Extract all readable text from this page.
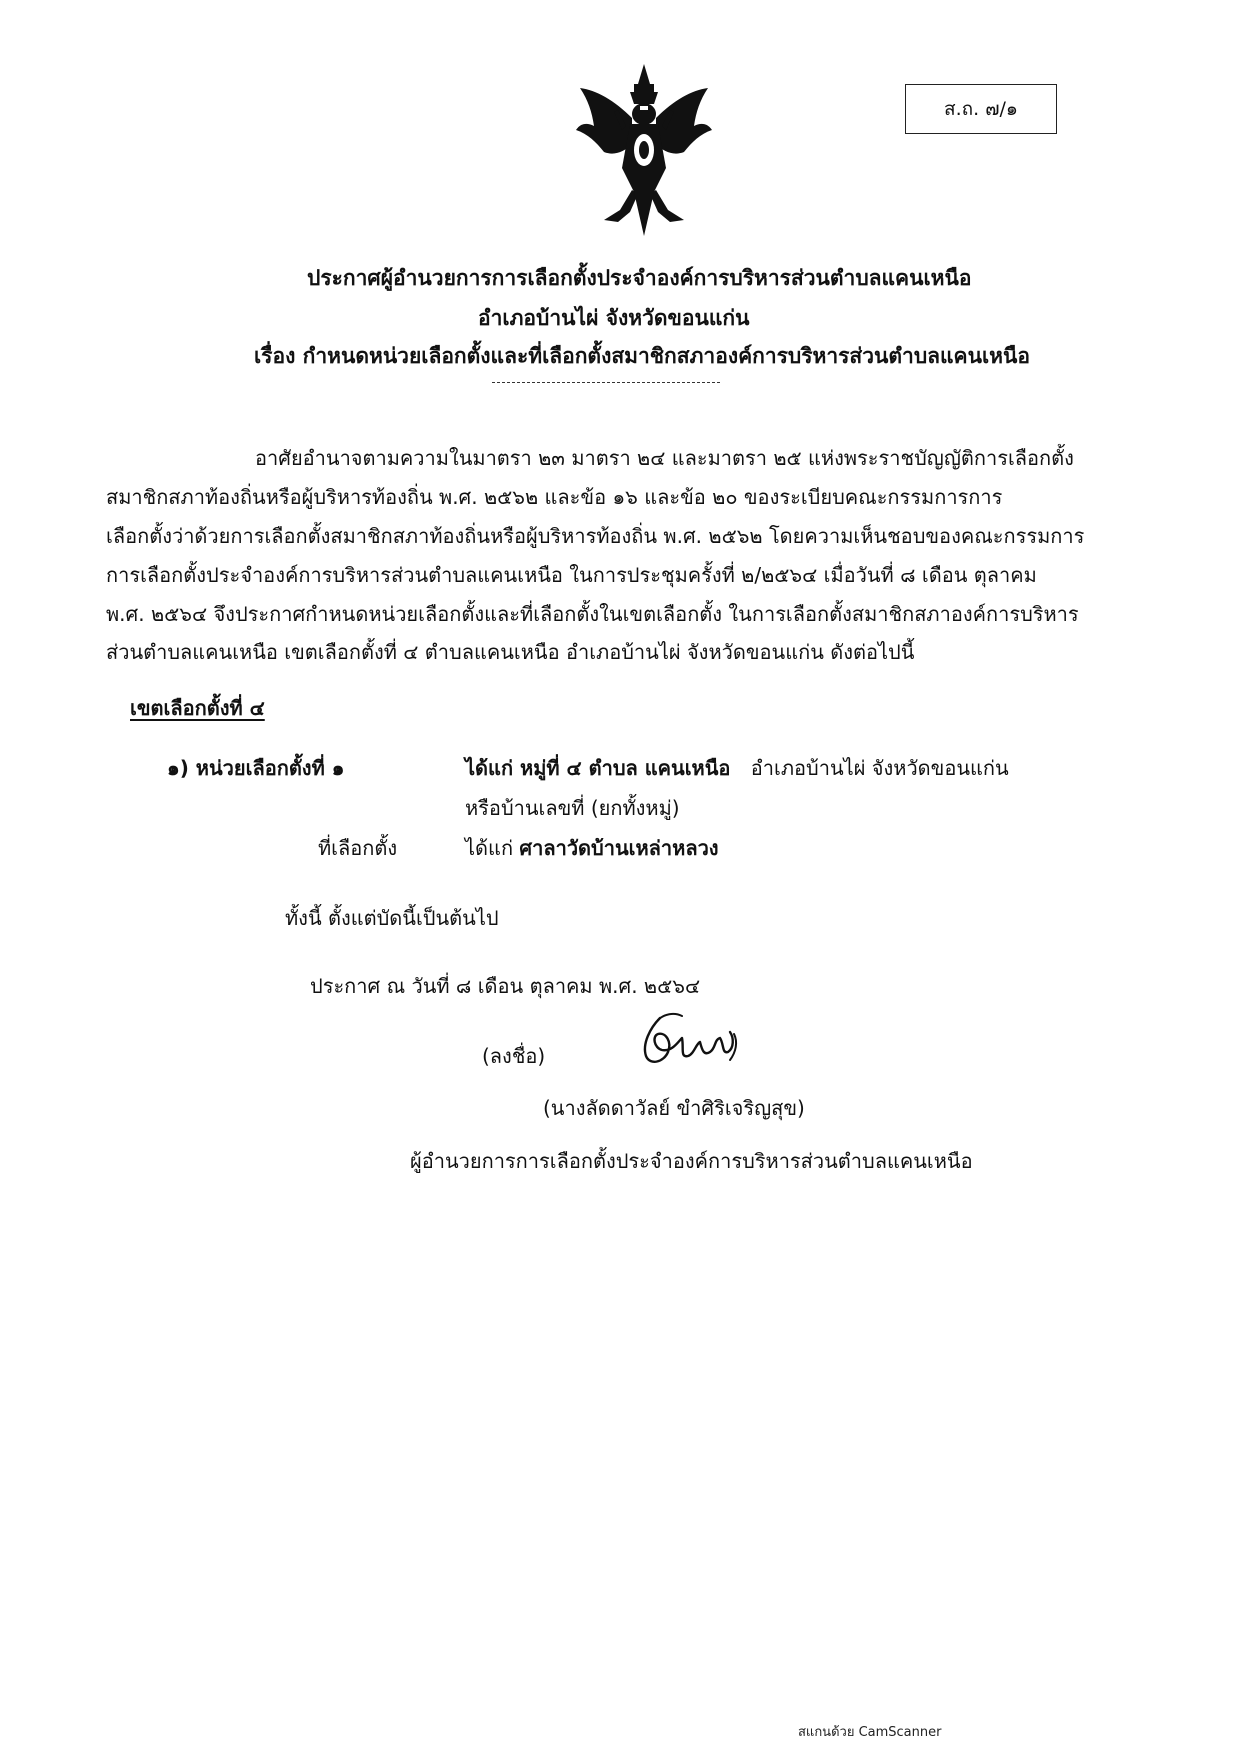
ส.ถ. ๗/๑
ประกาศผู้อำนวยการการเลือกตั้งประจำองค์การบริหารส่วนตำบลแคนเหนือ
อำเภอบ้านไผ่ จังหวัดขอนแก่น
เรื่อง กำหนดหน่วยเลือกตั้งและที่เลือกตั้งสมาชิกสภาองค์การบริหารส่วนตำบลแคนเหนือ
อาศัยอำนาจตามความในมาตรา ๒๓ มาตรา ๒๔ และมาตรา ๒๕ แห่งพระราชบัญญัติการเลือกตั้ง
สมาชิกสภาท้องถิ่นหรือผู้บริหารท้องถิ่น พ.ศ. ๒๕๖๒ และข้อ ๑๖ และข้อ ๒๐ ของระเบียบคณะกรรมการการ
เลือกตั้งว่าด้วยการเลือกตั้งสมาชิกสภาท้องถิ่นหรือผู้บริหารท้องถิ่น พ.ศ. ๒๕๖๒ โดยความเห็นชอบของคณะกรรมการ
การเลือกตั้งประจำองค์การบริหารส่วนตำบลแคนเหนือ ในการประชุมครั้งที่ ๒/๒๕๖๔ เมื่อวันที่ ๘ เดือน ตุลาคม
พ.ศ. ๒๕๖๔ จึงประกาศกำหนดหน่วยเลือกตั้งและที่เลือกตั้งในเขตเลือกตั้ง ในการเลือกตั้งสมาชิกสภาองค์การบริหาร
ส่วนตำบลแคนเหนือ เขตเลือกตั้งที่ ๔ ตำบลแคนเหนือ อำเภอบ้านไผ่ จังหวัดขอนแก่น ดังต่อไปนี้
เขตเลือกตั้งที่ ๔
๑) หน่วยเลือกตั้งที่ ๑	ได้แก่ หมู่ที่ ๔ ตำบล แคนเหนือ อำเภอบ้านไผ่ จังหวัดขอนแก่น
หรือบ้านเลขที่ (ยกทั้งหมู่)
ที่เลือกตั้ง	ได้แก่ ศาลาวัดบ้านเหล่าหลวง
ทั้งนี้ ตั้งแต่บัดนี้เป็นต้นไป
ประกาศ ณ วันที่ ๘ เดือน ตุลาคม พ.ศ. ๒๕๖๔
(ลงชื่อ)
(นางลัดดาวัลย์ ขำศิริเจริญสุข)
ผู้อำนวยการการเลือกตั้งประจำองค์การบริหารส่วนตำบลแคนเหนือ
สแกนด้วย CamScanner
